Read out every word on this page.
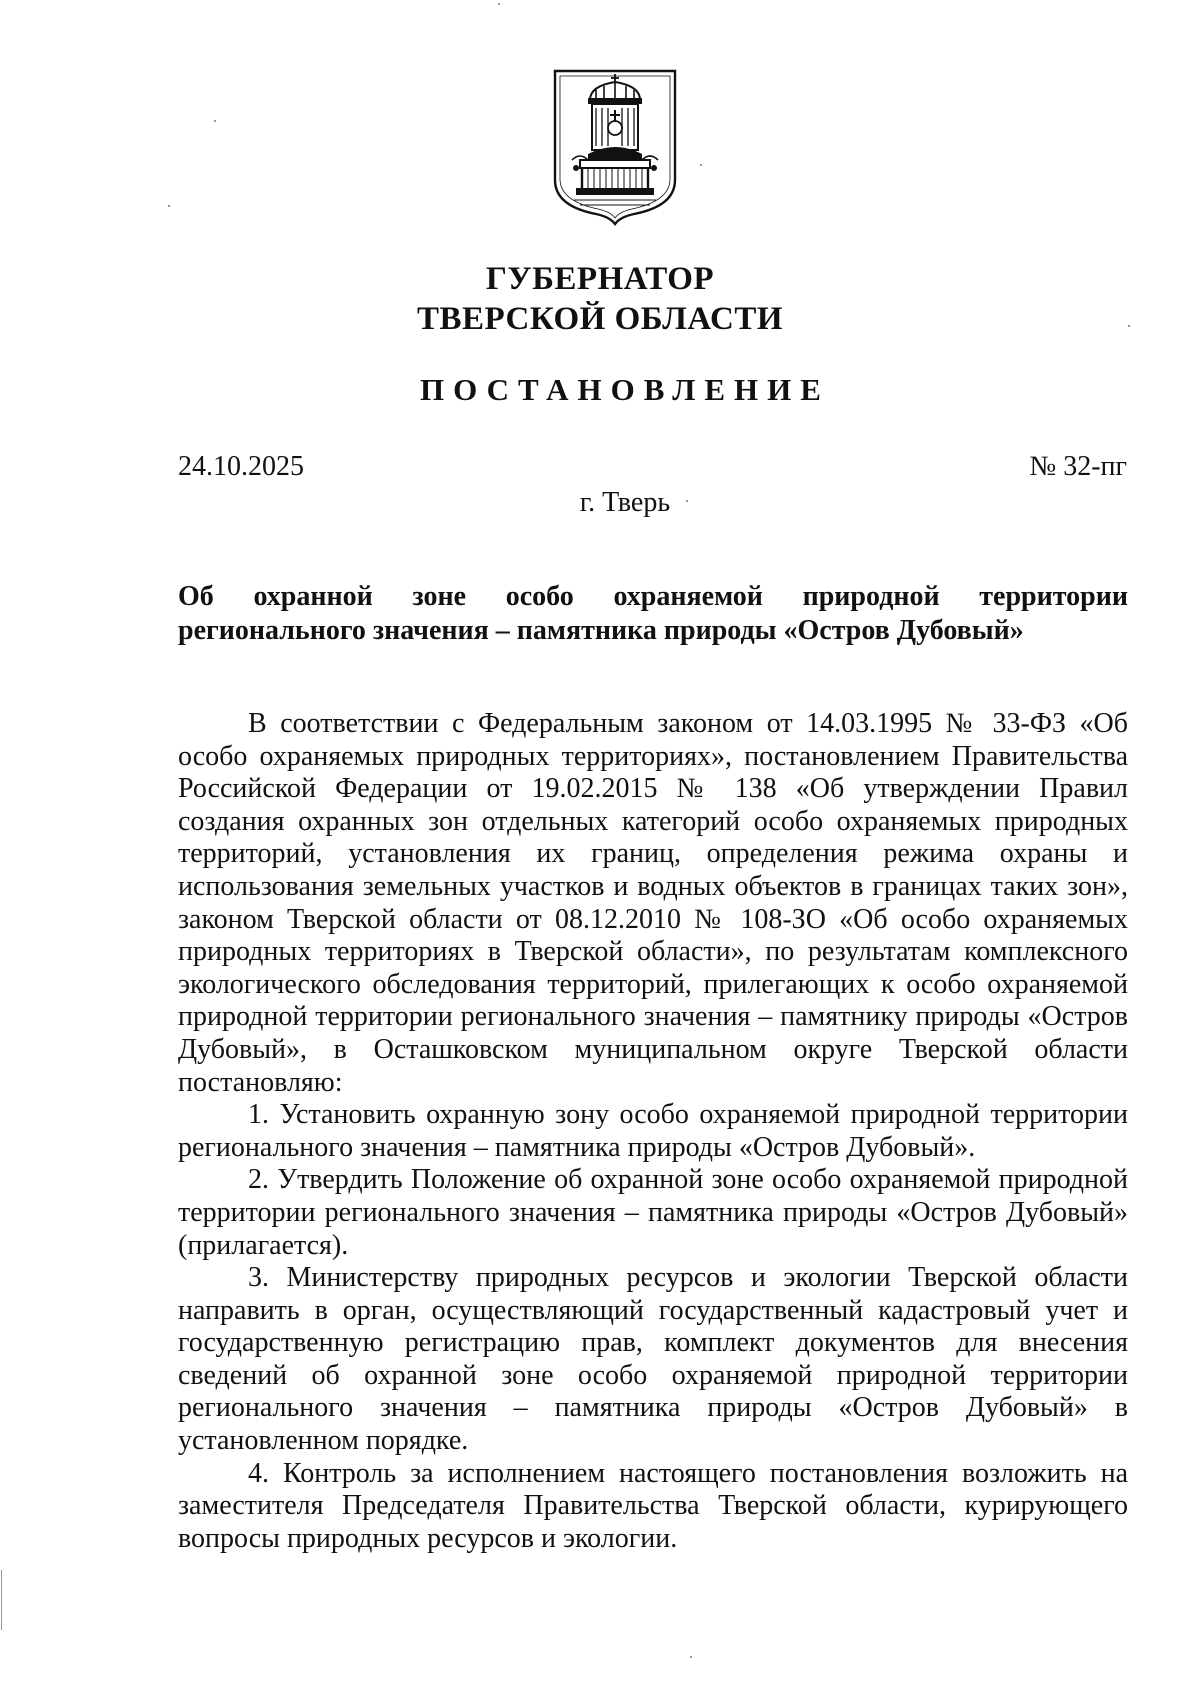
ГУБЕРНАТОР
ТВЕРСКОЙ ОБЛАСТИ
ПОСТАНОВЛЕНИЕ
24.10.2025	№ 32-пг
г. Тверь
Об охранной зоне особо охраняемой природной территории
регионального значения – памятника природы «Остров Дубовый»

В соответствии с Федеральным законом от 14.03.1995 № 33-ФЗ «Об особо охраняемых природных территориях», постановлением Правительства Российской Федерации от 19.02.2015 № 138 «Об утверждении Правил создания охранных зон отдельных категорий особо охраняемых природных территорий, установления их границ, определения режима охраны и использования земельных участков и водных объектов в границах таких зон», законом Тверской области от 08.12.2010 № 108-ЗО «Об особо охраняемых природных территориях в Тверской области», по результатам комплексного экологического обследования территорий, прилегающих к особо охраняемой природной территории регионального значения – памятнику природы «Остров Дубовый», в Осташковском муниципальном округе Тверской области постановляю:

1. Установить охранную зону особо охраняемой природной территории регионального значения – памятника природы «Остров Дубовый».

2. Утвердить Положение об охранной зоне особо охраняемой природной территории регионального значения – памятника природы «Остров Дубовый» (прилагается).

3. Министерству природных ресурсов и экологии Тверской области направить в орган, осуществляющий государственный кадастровый учет и государственную регистрацию прав, комплект документов для внесения сведений об охранной зоне особо охраняемой природной территории регионального значения – памятника природы «Остров Дубовый» в установленном порядке.

4. Контроль за исполнением настоящего постановления возложить на заместителя Председателя Правительства Тверской области, курирующего вопросы природных ресурсов и экологии.
